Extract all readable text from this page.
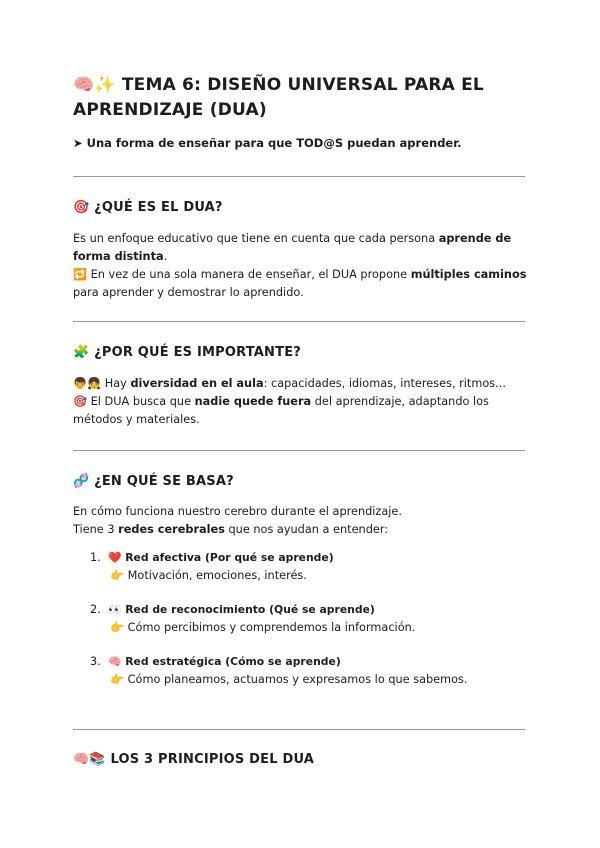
🧠✨ TEMA 6: DISEÑO UNIVERSAL PARA EL APRENDIZAJE (DUA)
➤ Una forma de enseñar para que TOD@S puedan aprender.
🎯 ¿QUÉ ES EL DUA?
Es un enfoque educativo que tiene en cuenta que cada persona aprende de forma distinta.
🔁 En vez de una sola manera de enseñar, el DUA propone múltiples caminos para aprender y demostrar lo aprendido.
🧩 ¿POR QUÉ ES IMPORTANTE?
👦👧 Hay diversidad en el aula: capacidades, idiomas, intereses, ritmos...
🎯 El DUA busca que nadie quede fuera del aprendizaje, adaptando los métodos y materiales.
🧬 ¿EN QUÉ SE BASA?
En cómo funciona nuestro cerebro durante el aprendizaje.
Tiene 3 redes cerebrales que nos ayudan a entender:
1. ❤️ Red afectiva (Por qué se aprende)
👉 Motivación, emociones, interés.
2. 👀 Red de reconocimiento (Qué se aprende)
👉 Cómo percibimos y comprendemos la información.
3. 🧠 Red estratégica (Cómo se aprende)
👉 Cómo planeamos, actuamos y expresamos lo que sabemos.
🧠📚 LOS 3 PRINCIPIOS DEL DUA
